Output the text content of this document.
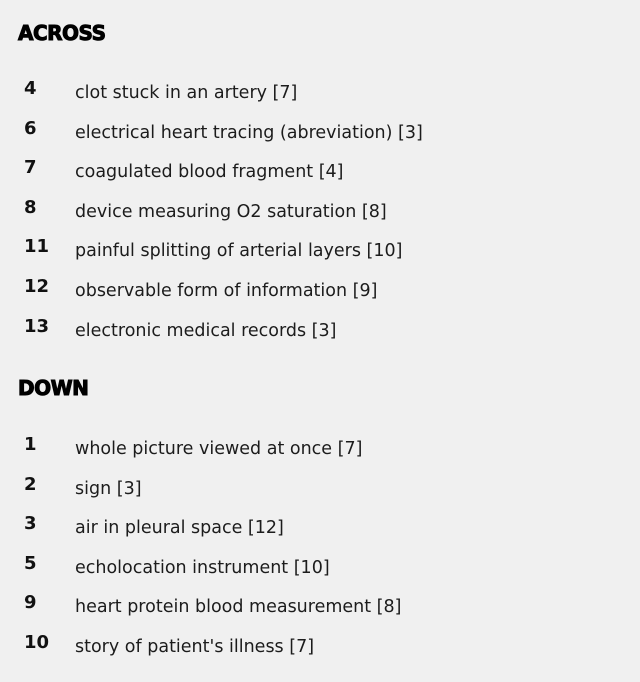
ACROSS
4 clot stuck in an artery [7]
6 electrical heart tracing (abreviation) [3]
7 coagulated blood fragment [4]
8 device measuring O2 saturation [8]
11 painful splitting of arterial layers [10]
12 observable form of information [9]
13 electronic medical records [3]
DOWN
1 whole picture viewed at once [7]
2 sign [3]
3 air in pleural space [12]
5 echolocation instrument [10]
9 heart protein blood measurement [8]
10 story of patient's illness [7]
